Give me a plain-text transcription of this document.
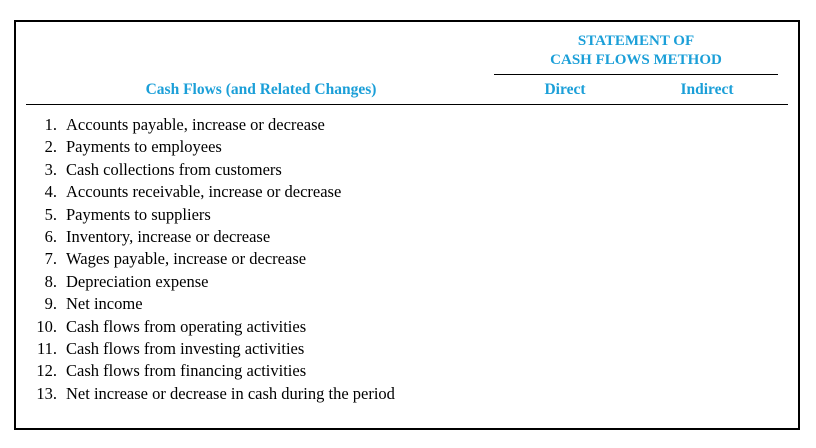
Cash Flows (and Related Changes)
STATEMENT OF
CASH FLOWS METHOD
Direct	Indirect
1. Accounts payable, increase or decrease
2. Payments to employees
3. Cash collections from customers
4. Accounts receivable, increase or decrease
5. Payments to suppliers
6. Inventory, increase or decrease
7. Wages payable, increase or decrease
8. Depreciation expense
9. Net income
10. Cash flows from operating activities
11. Cash flows from investing activities
12. Cash flows from financing activities
13. Net increase or decrease in cash during the period
